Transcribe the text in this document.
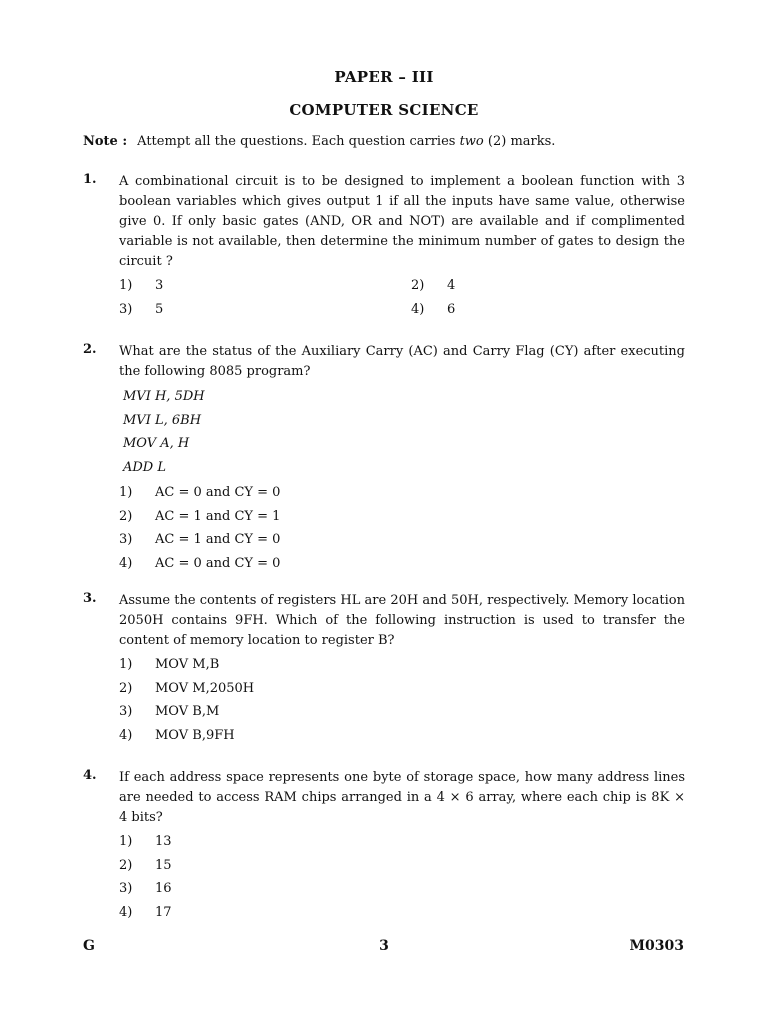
PAPER – III
COMPUTER SCIENCE
Note : Attempt all the questions. Each question carries two (2) marks.
1. A combinational circuit is to be designed to implement a boolean function with 3 boolean variables which gives output 1 if all the inputs have same value, otherwise give 0. If only basic gates (AND, OR and NOT) are available and if complimented variable is not available, then determine the minimum number of gates to design the circuit ?
1) 3	2) 4
3) 5	4) 6
2. What are the status of the Auxiliary Carry (AC) and Carry Flag (CY) after executing the following 8085 program?
MVI H, 5DH
MVI L, 6BH
MOV A, H
ADD L
1) AC = 0 and CY = 0
2) AC = 1 and CY = 1
3) AC = 1 and CY = 0
4) AC = 0 and CY = 0
3. Assume the contents of registers HL are 20H and 50H, respectively. Memory location 2050H contains 9FH. Which of the following instruction is used to transfer the content of memory location to register B?
1) MOV M,B
2) MOV M,2050H
3) MOV B,M
4) MOV B,9FH
4. If each address space represents one byte of storage space, how many address lines are needed to access RAM chips arranged in a 4 × 6 array, where each chip is 8K × 4 bits?
1) 13
2) 15
3) 16
4) 17
G	3	M0303
